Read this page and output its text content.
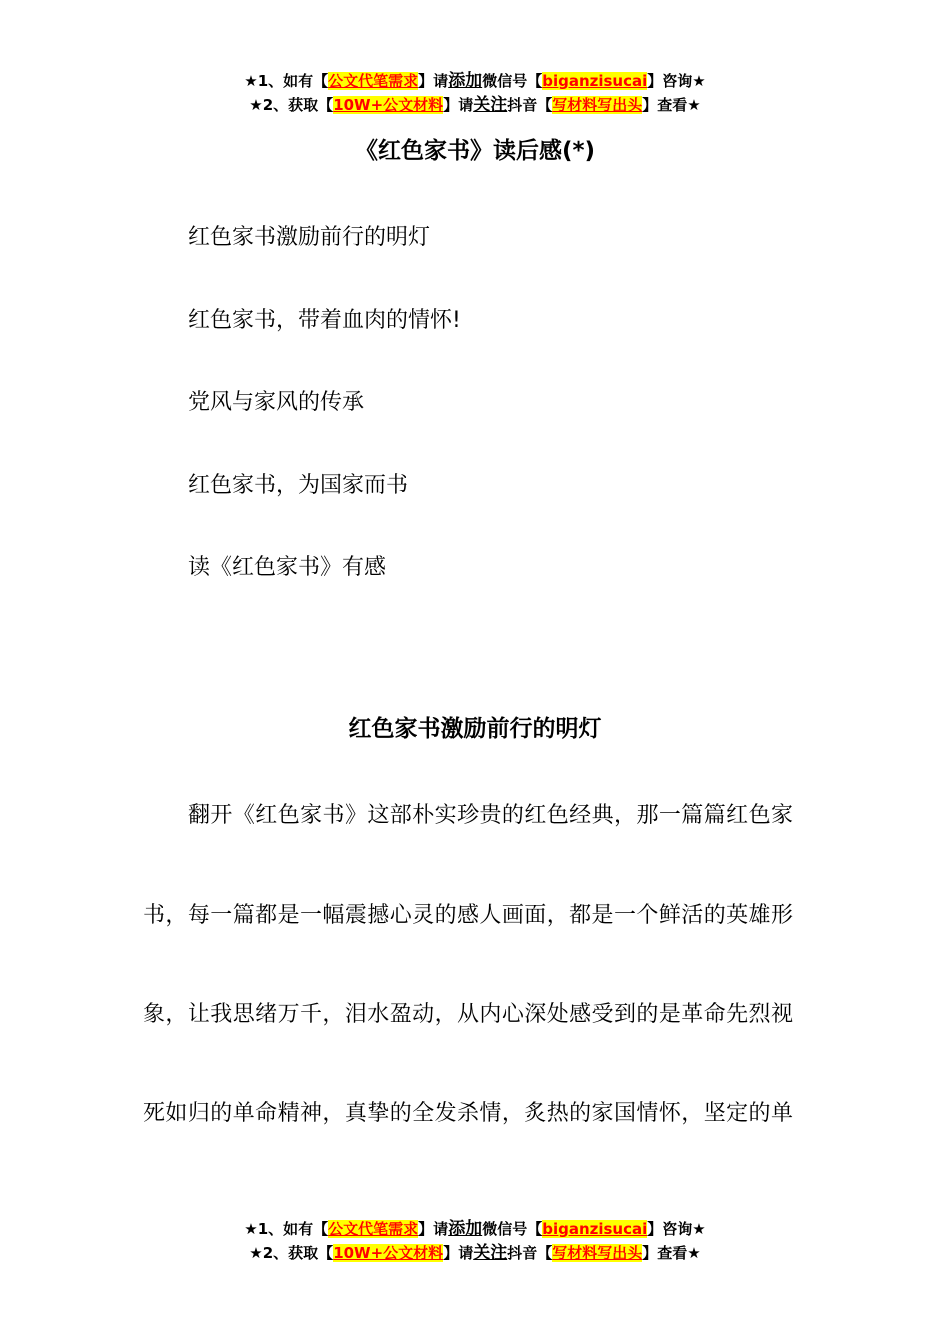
★1、如有【公文代笔需求】请添加微信号【biganzisucai】咨询★
★2、获取【10W+公文材料】请关注抖音【写材料写出头】查看★
《红色家书》读后感(*)
红色家书激励前行的明灯
红色家书，带着血肉的情怀!
党风与家风的传承
红色家书，为国家而书
读《红色家书》有感
红色家书激励前行的明灯
翻开《红色家书》这部朴实珍贵的红色经典，那一篇篇红色家
书，每一篇都是一幅震撼心灵的感人画面，都是一个鲜活的英雄形
象，让我思绪万千，泪水盈动，从内心深处感受到的是革命先烈视
死如归的单命精神，真挚的全发杀情，炙热的家国情怀，坚定的单
★1、如有【公文代笔需求】请添加微信号【biganzisucai】咨询★
★2、获取【10W+公文材料】请关注抖音【写材料写出头】查看★
